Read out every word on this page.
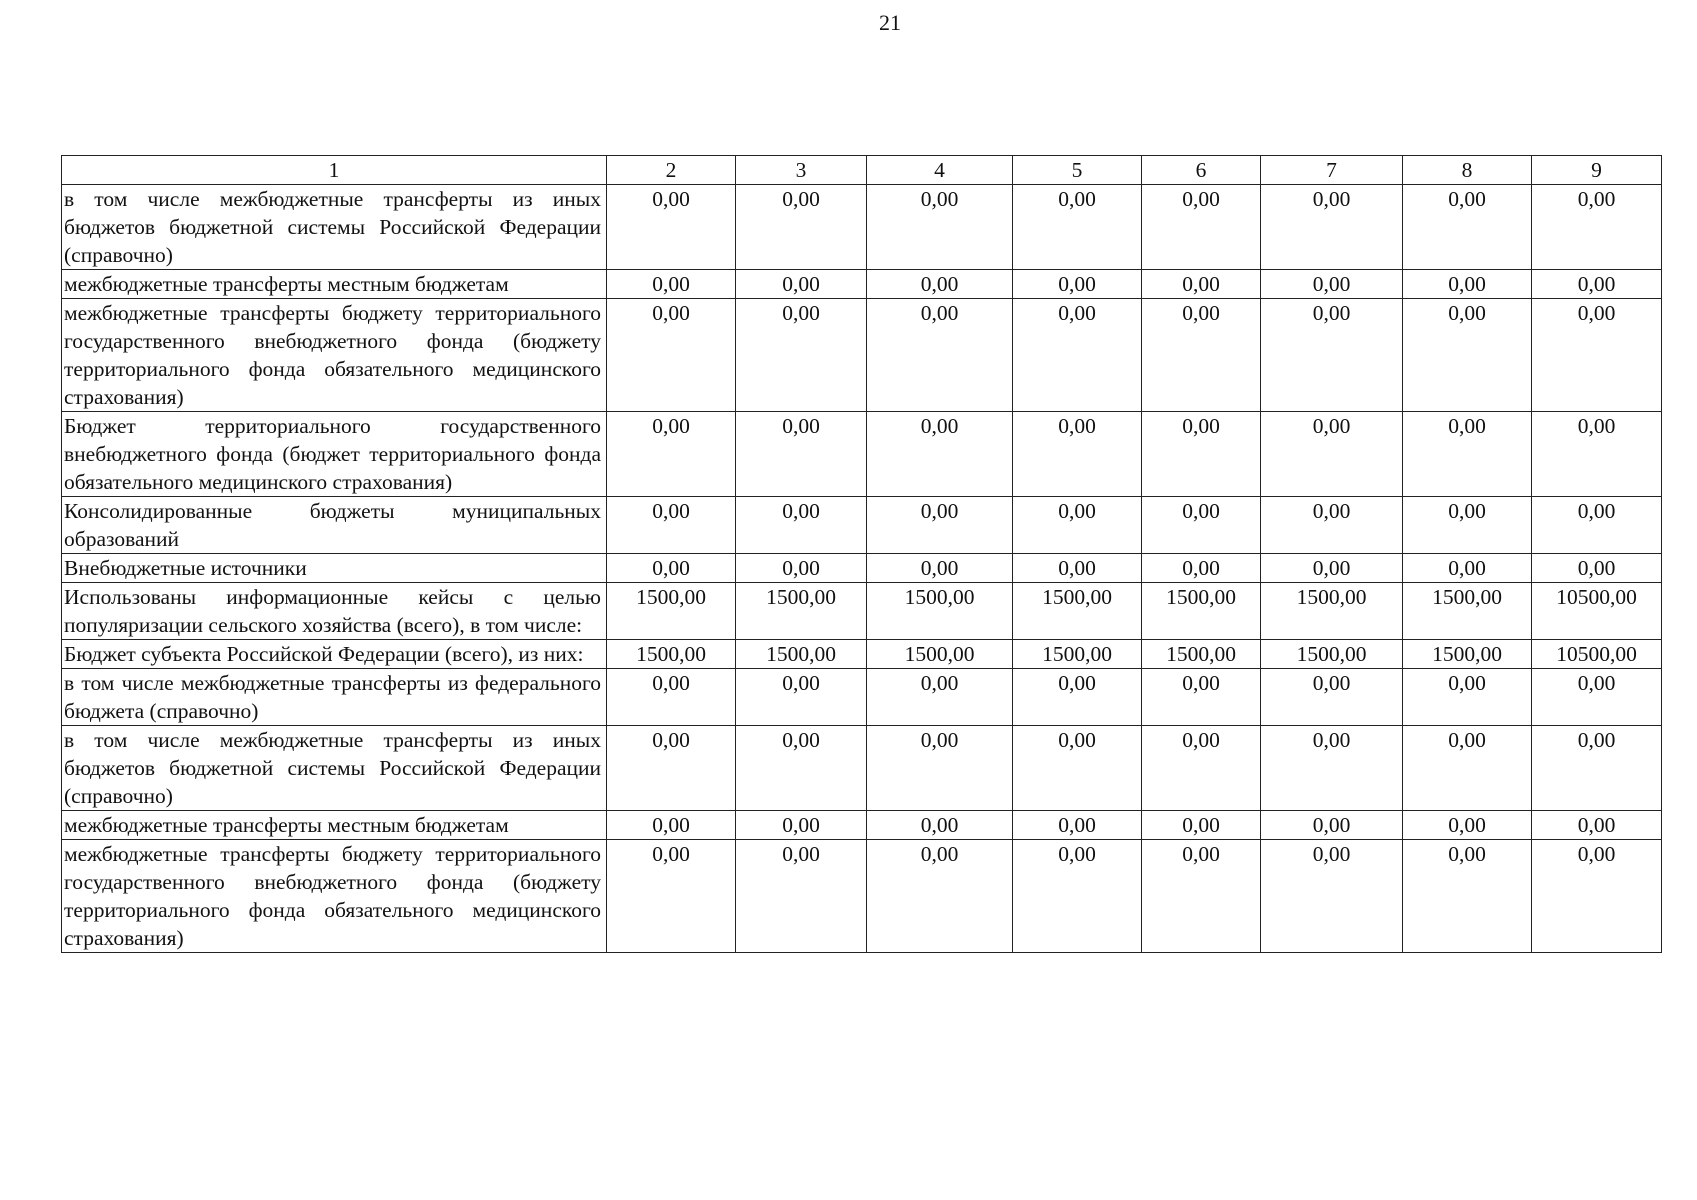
21
1	2	3	4	5	6	7	8	9
в том числе межбюджетные трансферты из иных бюджетов бюджетной системы Российской Федерации (справочно)	0,00	0,00	0,00	0,00	0,00	0,00	0,00	0,00
межбюджетные трансферты местным бюджетам	0,00	0,00	0,00	0,00	0,00	0,00	0,00	0,00
межбюджетные трансферты бюджету территориального государственного внебюджетного фонда (бюджету территориального фонда обязательного медицинского страхования)	0,00	0,00	0,00	0,00	0,00	0,00	0,00	0,00
Бюджет территориального государственного внебюджетного фонда (бюджет территориального фонда обязательного медицинского страхования)	0,00	0,00	0,00	0,00	0,00	0,00	0,00	0,00
Консолидированные бюджеты муниципальных образований	0,00	0,00	0,00	0,00	0,00	0,00	0,00	0,00
Внебюджетные источники	0,00	0,00	0,00	0,00	0,00	0,00	0,00	0,00
Использованы информационные кейсы с целью популяризации сельского хозяйства (всего), в том числе:	1500,00	1500,00	1500,00	1500,00	1500,00	1500,00	1500,00	10500,00
Бюджет субъекта Российской Федерации (всего), из них:	1500,00	1500,00	1500,00	1500,00	1500,00	1500,00	1500,00	10500,00
в том числе межбюджетные трансферты из федерального бюджета (справочно)	0,00	0,00	0,00	0,00	0,00	0,00	0,00	0,00
в том числе межбюджетные трансферты из иных бюджетов бюджетной системы Российской Федерации (справочно)	0,00	0,00	0,00	0,00	0,00	0,00	0,00	0,00
межбюджетные трансферты местным бюджетам	0,00	0,00	0,00	0,00	0,00	0,00	0,00	0,00
межбюджетные трансферты бюджету территориального государственного внебюджетного фонда (бюджету территориального фонда обязательного медицинского страхования)	0,00	0,00	0,00	0,00	0,00	0,00	0,00	0,00
